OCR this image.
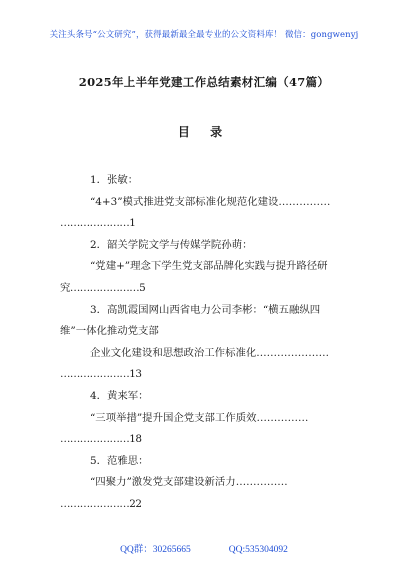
关注头条号“公文研究”，获得最新最全最专业的公文资料库！ 微信：gongwenyj
2025年上半年党建工作总结素材汇编（47篇）
目 录
1．张敏：
“4+3”模式推进党支部标准化规范化建设……………
…………………1
2．韶关学院文学与传媒学院孙萌：
“党建+”理念下学生党支部品牌化实践与提升路径研
究…………………5
3．高凯霞国网山西省电力公司李彬：“横五融纵四
维”一体化推动党支部
企业文化建设和思想政治工作标准化…………………
…………………13
4．黄来军：
“三项举措”提升国企党支部工作质效……………
…………………18
5．范雅思：
“四聚力”激发党支部建设新活力……………
…………………22
QQ群：30265665	QQ:535304092
